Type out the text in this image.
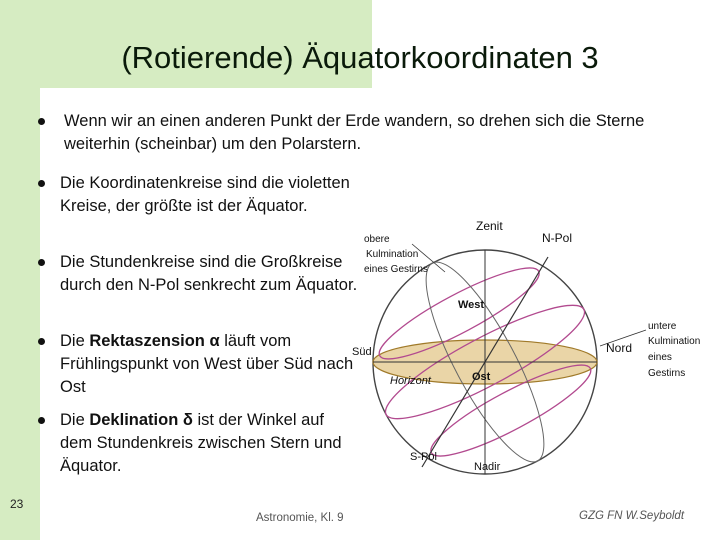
(Rotierende) Äquatorkoordinaten 3
Wenn wir an einen anderen Punkt der Erde wandern, so drehen sich die Sterne weiterhin (scheinbar) um den Polarstern.
Die Koordinatenkreise sind die violetten Kreise, der größte ist der Äquator.
Die Stundenkreise sind die Großkreise durch den N-Pol senkrecht zum Äquator.
Die Rektaszension α läuft vom Frühlingspunkt von West über Süd nach Ost
Die Deklination δ ist der Winkel auf dem Stundenkreis zwischen Stern und Äquator.
Zenit
N-Pol
obere
Kulmination
eines Gestirns
West
untere
Kulmination
eines
Gestirns
Süd	Nord
Horizont	Ost
S-Pol
Nadir
23
Astronomie, Kl. 9	GZG FN W.Seyboldt
